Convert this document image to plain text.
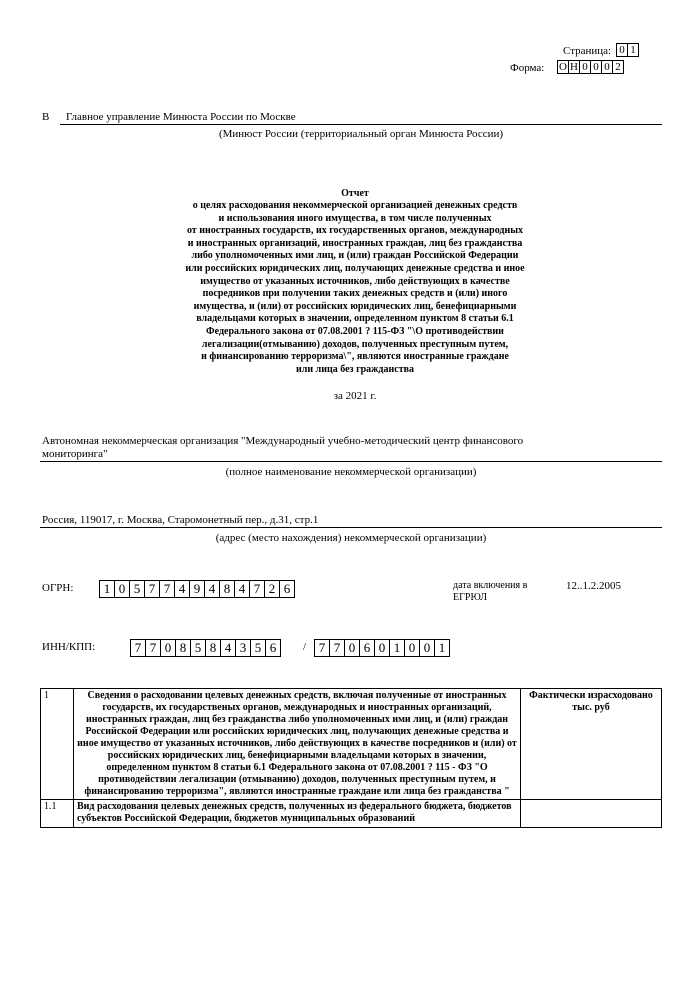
Страница: 0 1
Форма: О Н 0 0 0 2
В Главное управление Минюста России по Москве
(Минюст России (территориальный орган Минюста России)
Отчет
о целях расходования некоммерческой организацией денежных средств
и использования иного имущества, в том числе полученных
от иностранных государств, их государственных органов, международных
и иностранных организаций, иностранных граждан, лиц без гражданства
либо уполномоченных ими лиц, и (или) граждан Российской Федерации
или российских юридических лиц, получающих денежные средства и иное
имущество от указанных источников, либо действующих в качестве
посредников при получении таких денежных средств и (или) иного
имущества, и (или) от российских юридических лиц, бенефициарными
владельцами которых в значении, определенном пунктом 8 статьи 6.1
Федерального закона от 07.08.2001 ? 115-ФЗ "\О противодействии
легализации(отмыванию) доходов, полученных преступным путем,
и финансированию терроризма\", являются иностранные граждане
или лица без гражданства
за 2021 г.
Автономная некоммерческая организация "Международный учебно-методический центр финансового
мониторинга"
(полное наименование некоммерческой организации)
Россия, 119017, г. Москва, Старомонетный пер., д.31, стр.1
(адрес (место нахождения) некоммерческой организации)
ОГРН:	1 0 5 7 7 4 9 4 8 4 7 2 6	дата включения в
ЕГРЮЛ
12..1.2.2005
ИНН/КПП:	7 7 0 8 5 8 4 3 5 6	/ 7 7 0 6 0 1 0 0 1
1	Сведения о расходовании целевых денежных средств, включая полученные от иностранных государств, их государственых органов, международных и иностранных организаций, иностранных граждан, лиц без гражданства либо уполномоченных ими лиц, и (или) граждан Российской Федерации или российских юридических лиц, получающих денежные средства и иное имущество от указанных источников, либо действующих в качестве посредников и (или) от российских юридических лиц, бенефициарными владельцами которых в значении, определенном пунктом 8 статьи 6.1 Федерального закона от 07.08.2001 ? 115 - ФЗ "О противодействии легализации (отмыванию) доходов, полученных преступным путем, и финансированию терроризма", являются иностранные граждане или лица без гражданства "	Фактически израсходовано тыс. руб
1.1	Вид расходования целевых денежных средств, полученных из федерального бюджета, бюджетов субъектов Российской Федерации, бюджетов муниципальных образований	
